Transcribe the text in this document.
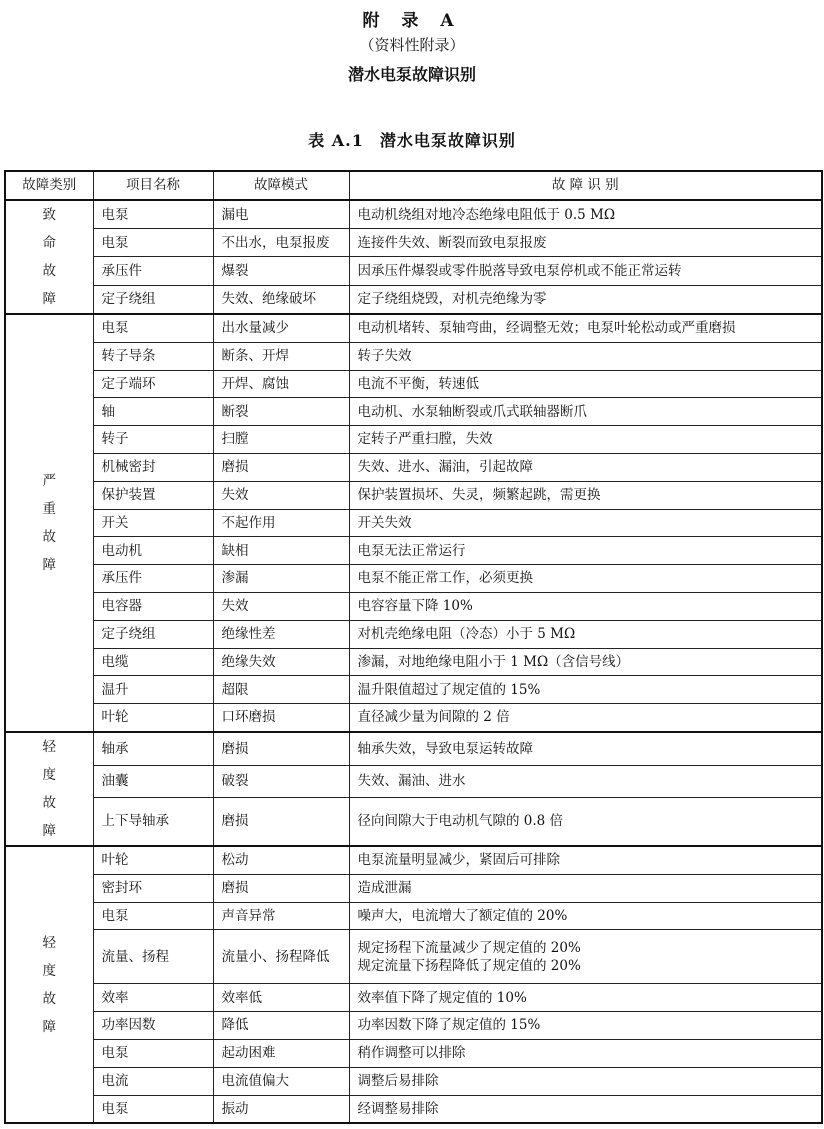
附 录 A
（资料性附录）
潜水电泵故障识别
表 A.1 潜水电泵故障识别
故障类别	项目名称	故障模式	故 障 识 别

致
命
故
障	电泵	漏电	电动机绕组对地冷态绝缘电阻低于 0.5 MΩ
	电泵	不出水，电泵报废	连接件失效、断裂而致电泵报废
	承压件	爆裂	因承压件爆裂或零件脱落导致电泵停机或不能正常运转
	定子绕组	失效、绝缘破坏	定子绕组烧毁，对机壳绝缘为零

严
重
故
障	电泵	出水量减少	电动机堵转、泵轴弯曲，经调整无效；电泵叶轮松动或严重磨损
	转子导条	断条、开焊	转子失效
	定子端环	开焊、腐蚀	电流不平衡，转速低
	轴	断裂	电动机、水泵轴断裂或爪式联轴器断爪
	转子	扫膛	定转子严重扫膛，失效
	机械密封	磨损	失效、进水、漏油，引起故障
	保护装置	失效	保护装置损坏、失灵，频繁起跳，需更换
	开关	不起作用	开关失效
	电动机	缺相	电泵无法正常运行
	承压件	渗漏	电泵不能正常工作，必须更换
	电容器	失效	电容容量下降 10%
	定子绕组	绝缘性差	对机壳绝缘电阻（冷态）小于 5 MΩ
	电缆	绝缘失效	渗漏，对地绝缘电阻小于 1 MΩ（含信号线）
	温升	超限	温升限值超过了规定值的 15%
	叶轮	口环磨损	直径减少量为间隙的 2 倍

轻
度
故
障	轴承	磨损	轴承失效，导致电泵运转故障
	油囊	破裂	失效、漏油、进水
	上下导轴承	磨损	径向间隙大于电动机气隙的 0.8 倍

轻
度
故
障	叶轮	松动	电泵流量明显减少，紧固后可排除
	密封环	磨损	造成泄漏
	电泵	声音异常	噪声大，电流增大了额定值的 20%
	流量、扬程	流量小、扬程降低	规定扬程下流量减少了规定值的 20%
规定流量下扬程降低了规定值的 20%

	效率	效率低	效率值下降了规定值的 10%
	功率因数	降低	功率因数下降了规定值的 15%
	电泵	起动困难	稍作调整可以排除
	电流	电流值偏大	调整后易排除
	电泵	振动	经调整易排除
